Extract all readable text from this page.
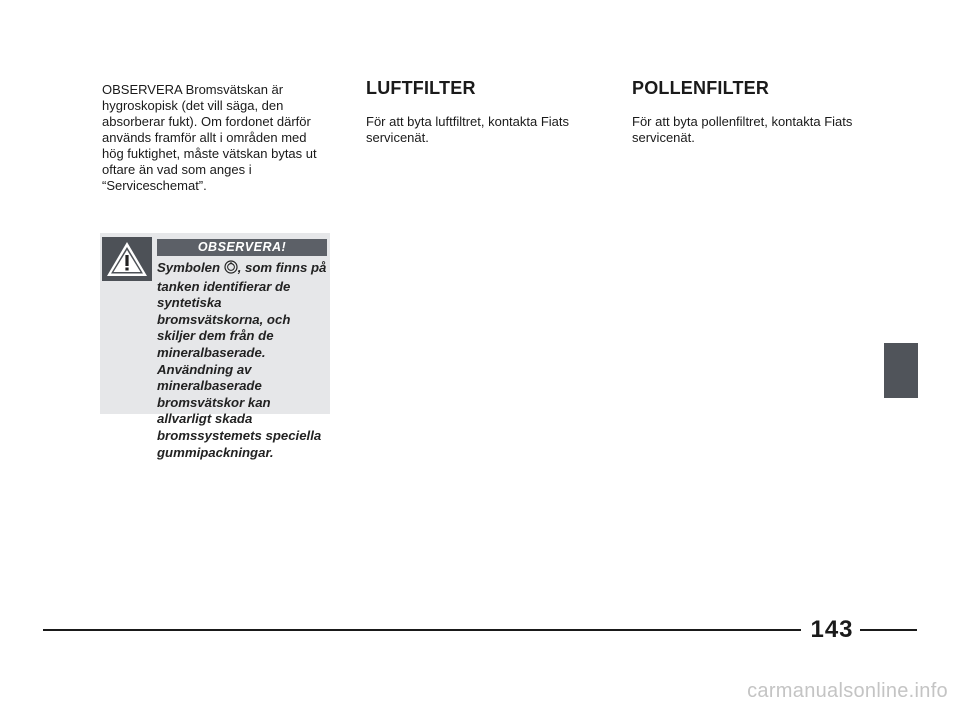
OBSERVERA Bromsvätskan är hygroskopisk (det vill säga, den absorberar fukt). Om fordonet därför används framför allt i områden med hög fuktighet, måste vätskan bytas ut oftare än vad som anges i “Serviceschemat”.

OBSERVERA!
Symbolen , som finns på tanken identifierar de syntetiska bromsvätskorna, och skiljer dem från de mineralbaserade. Användning av mineralbaserade bromsvätskor kan allvarligt skada bromssystemets speciella gummipackningar.
LUFTFILTER

För att byta luftfiltret, kontakta Fiats servicenät.

POLLENFILTER

För att byta pollenfiltret, kontakta Fiats servicenät.

143
carmanualsonline.info
